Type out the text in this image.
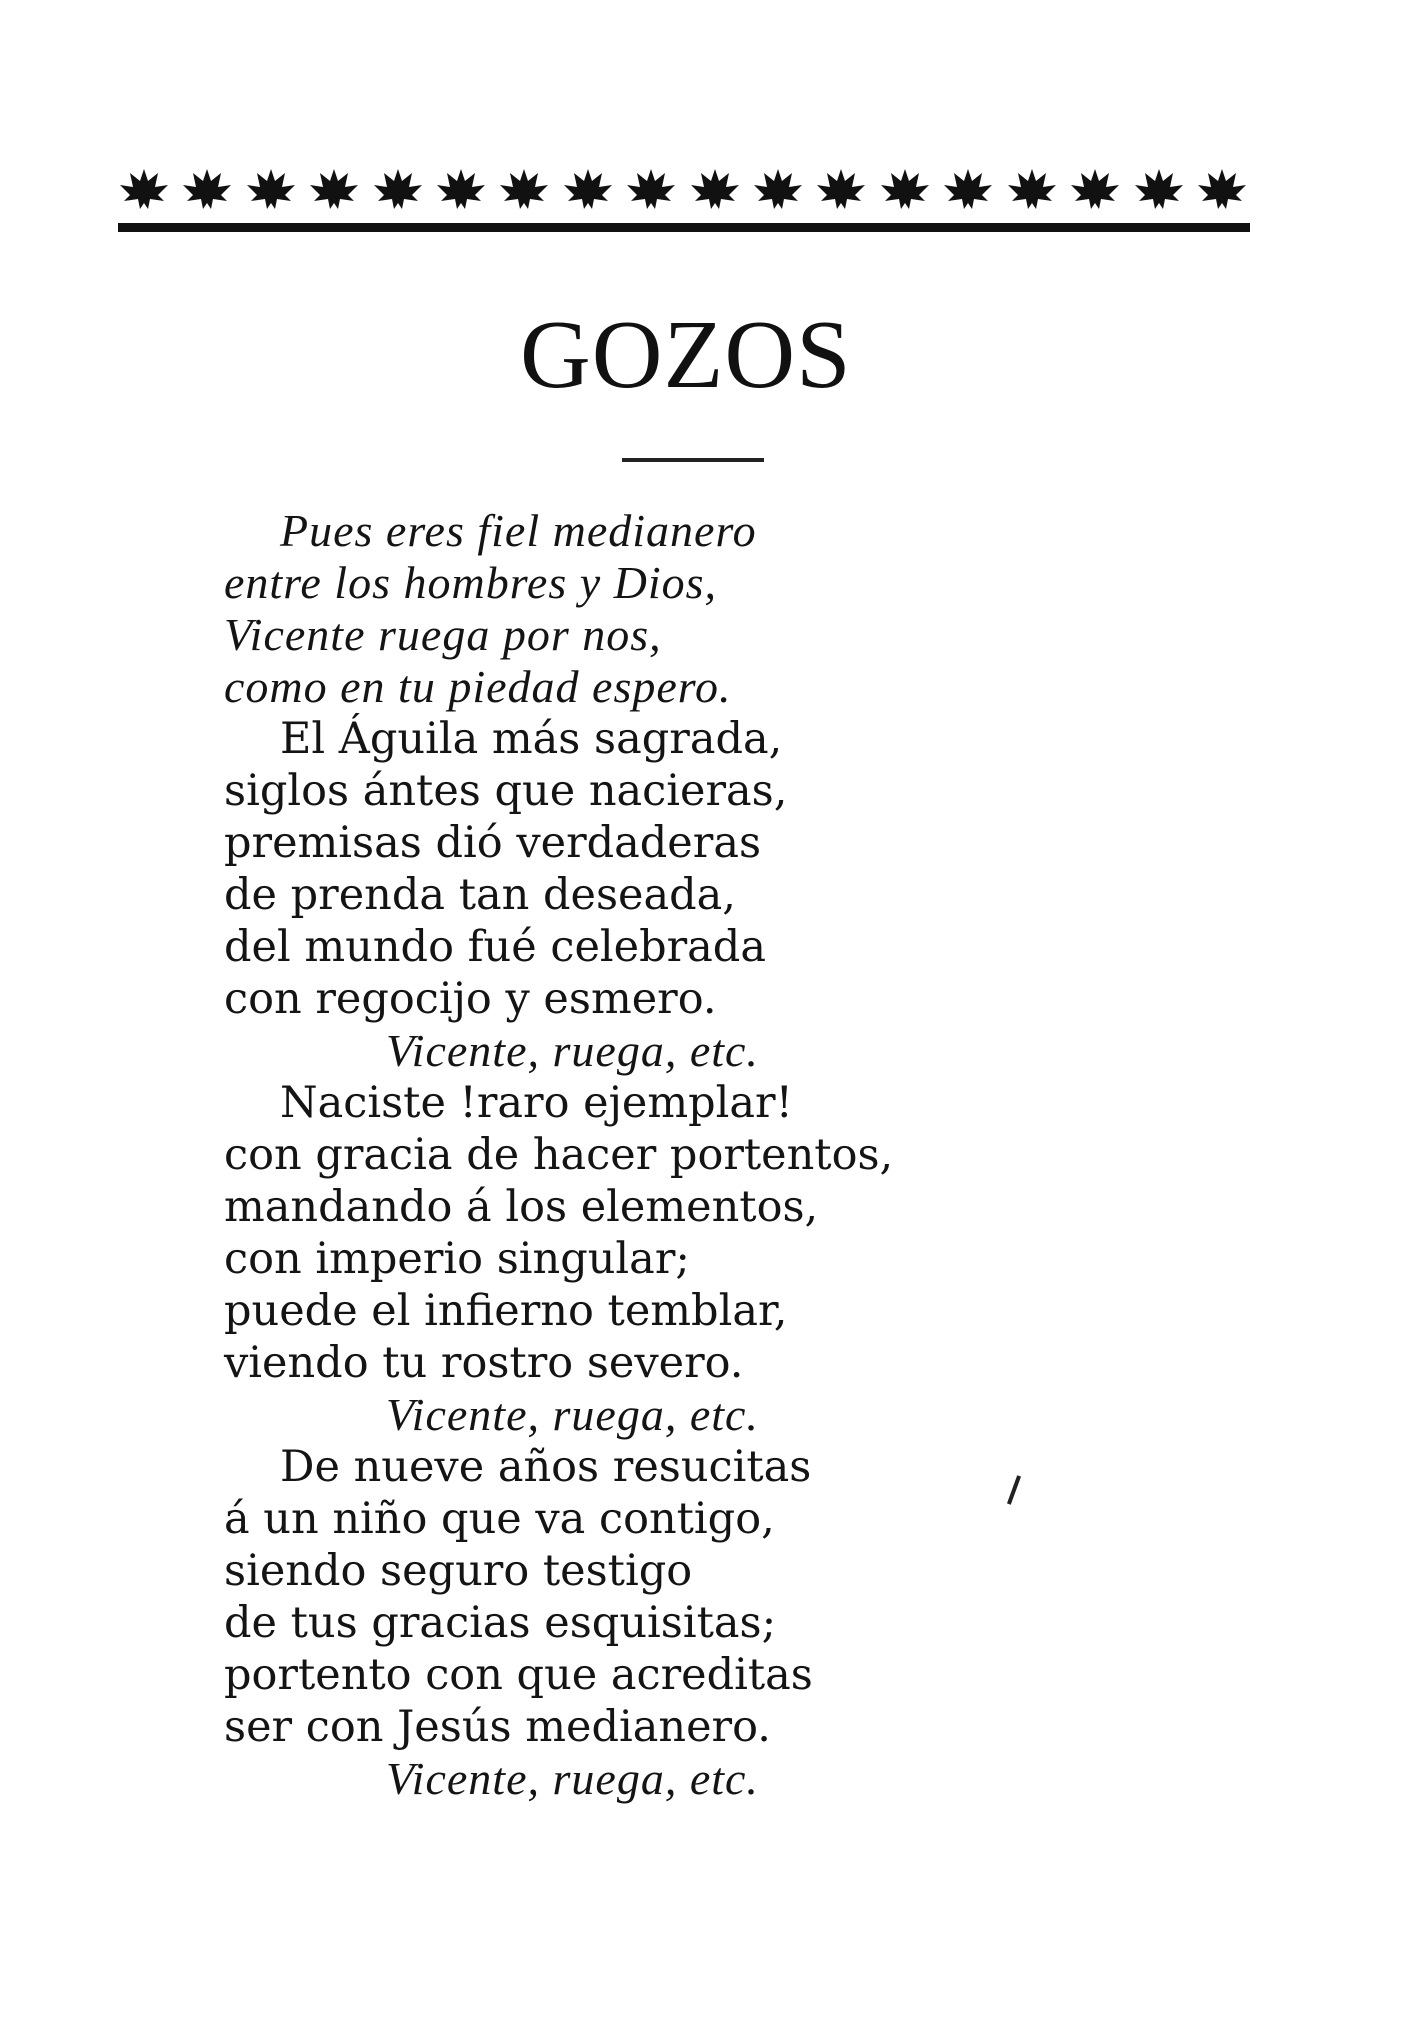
GOZOS
Pues eres fiel medianero
entre los hombres y Dios,
Vicente ruega por nos,
como en tu piedad espero.
El Águila más sagrada,
siglos ántes que nacieras,
premisas dió verdaderas
de prenda tan deseada,
del mundo fué celebrada
con regocijo y esmero.
Vicente, ruega, etc.
Naciste !raro ejemplar!
con gracia de hacer portentos,
mandando á los elementos,
con imperio singular;
puede el infierno temblar,
viendo tu rostro severo.
Vicente, ruega, etc.
De nueve años resucitas
á un niño que va contigo,
siendo seguro testigo
de tus gracias esquisitas;
portento con que acreditas
ser con Jesús medianero.
Vicente, ruega, etc.
